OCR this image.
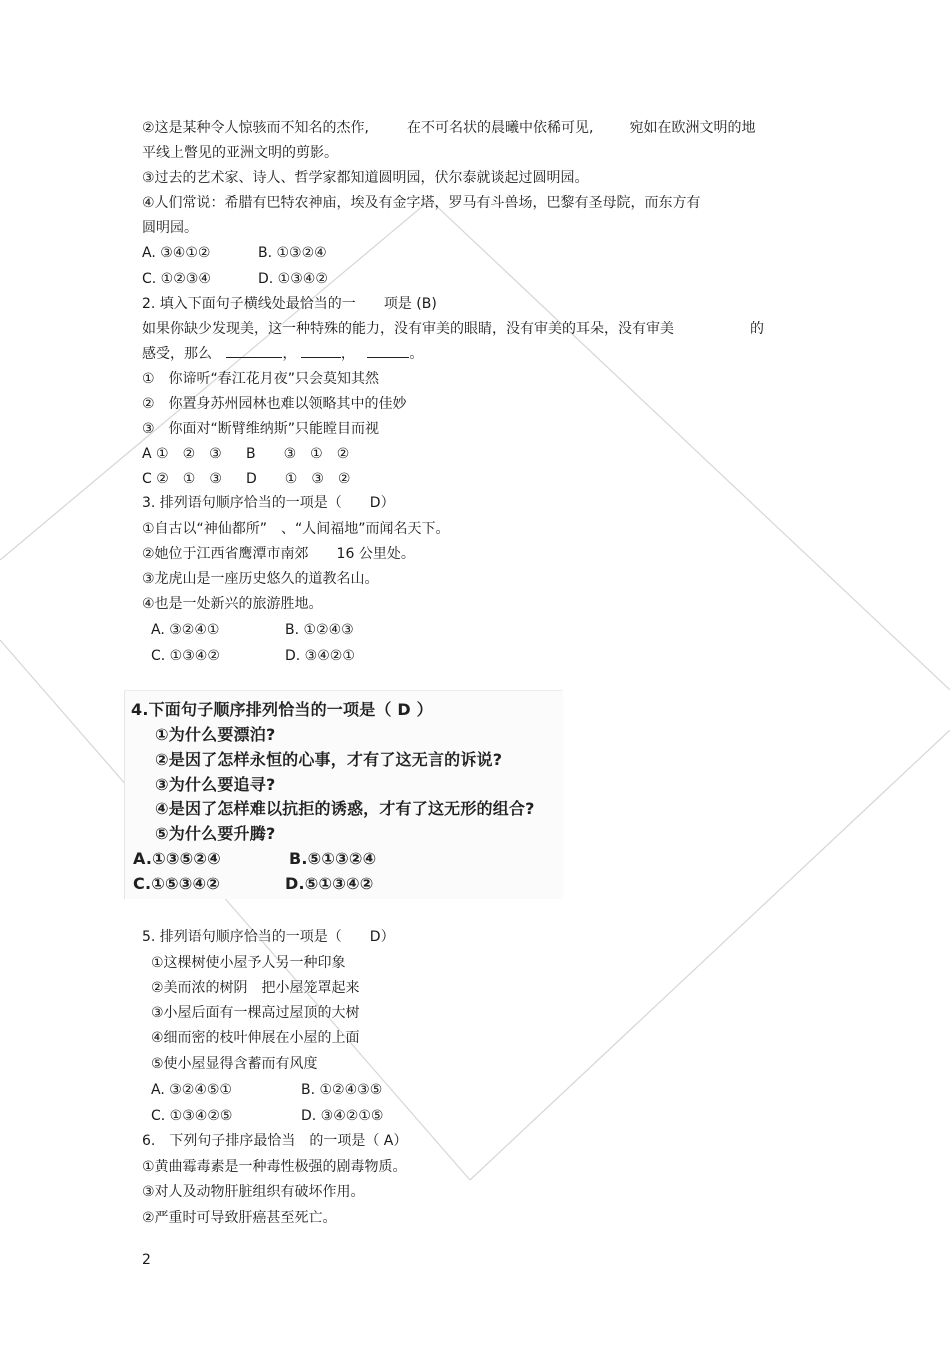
②这是某种令人惊骇而不知名的杰作,	在不可名状的晨曦中依稀可见,	宛如在欧洲文明的地
平线上瞥见的亚洲文明的剪影。
③过去的艺术家、诗人、哲学家都知道圆明园，伏尔泰就谈起过圆明园。
④人们常说：希腊有巴特农神庙，埃及有金字塔，罗马有斗兽场，巴黎有圣母院，而东方有
圆明园。
A. ③④①②	B. ①③②④
C. ①②③④	D. ①③④②
2. 填入下面句子横线处最恰当的一 项是 (B)
如果你缺少发现美，这一种特殊的能力，没有审美的眼睛，没有审美的耳朵，没有审美	的
感受，那么	，	，	。
①　你谛听“春江花月夜”只会莫知其然
②　你置身苏州园林也难以领略其中的佳妙
③　你面对“断臂维纳斯”只能瞠目而视
A ①　②　③ B　　③　①　②
C ②　①　③ D　　①　③　②
3. 排列语句顺序恰当的一项是（　　D）
①自古以“神仙都所”　、“人间福地”而闻名天下。
②她位于江西省鹰潭市南郊　　16 公里处。
③龙虎山是一座历史悠久的道教名山。
④也是一处新兴的旅游胜地。
A. ③②④①	B. ①②④③
C. ①③④②	D. ③④②①
4.下面句子顺序排列恰当的一项是（ D ）
①为什么要漂泊?
②是因了怎样永恒的心事，才有了这无言的诉说?
③为什么要追寻?
④是因了怎样难以抗拒的诱惑，才有了这无形的组合?
⑤为什么要升腾?
A.①③⑤②④	B.⑤①③②④
C.①⑤③④②	D.⑤①③④②
5. 排列语句顺序恰当的一项是（　　D）
①这棵树使小屋予人另一种印象
②美而浓的树阴　把小屋笼罩起来
③小屋后面有一棵高过屋顶的大树
④细而密的枝叶伸展在小屋的上面
⑤使小屋显得含蓄而有风度
A. ③②④⑤①	B. ①②④③⑤
C. ①③④②⑤	D. ③④②①⑤
6.　下列句子排序最恰当 的一项是（ A）
①黄曲霉毒素是一种毒性极强的剧毒物质。
③对人及动物肝脏组织有破坏作用。
②严重时可导致肝癌甚至死亡。
2
